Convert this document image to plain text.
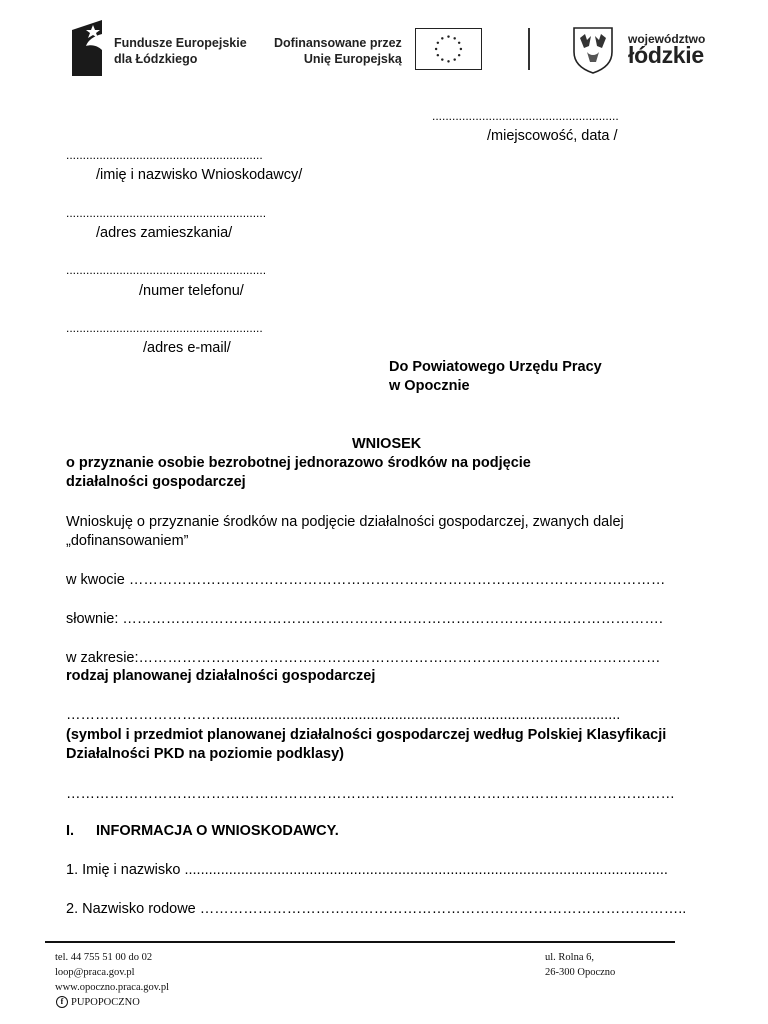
Fundusze Europejskie
dla Łódzkiego
Dofinansowane przez
Unię Europejską
województwo
łódzkie
........................................................
/miejscowość, data /
...........................................................
/imię i nazwisko Wnioskodawcy/
............................................................
/adres zamieszkania/
............................................................
/numer telefonu/
...........................................................
/adres e-mail/
Do Powiatowego Urzędu Pracy
w Opocznie
WNIOSEK
o przyznanie osobie bezrobotnej jednorazowo środków na podjęcie
działalności gospodarczej
Wnioskuję o przyznanie środków na podjęcie działalności gospodarczej, zwanych dalej
„dofinansowaniem”
w kwocie …………………………………………………………………………………………………
słownie: ………………………………………………………………………………………………….
w zakresie:………………………………………………………………………………………………
rodzaj planowanej działalności gospodarczej
……………………………..................................................................................................
(symbol i przedmiot planowanej działalności gospodarczej według Polskiej Klasyfikacji
Działalności PKD na poziomie podklasy)
………………………………………………………………………………………………………………
I. INFORMACJA O WNIOSKODAWCY.
1. Imię i nazwisko ........................................................................................................................
2. Nazwisko rodowe ………………………………………………………………………………………..
tel. 44 755 51 00 do 02
loop@praca.gov.pl
www.opoczno.praca.gov.pl
f PUPOPOCZNO
ul. Rolna 6,
26-300 Opoczno
